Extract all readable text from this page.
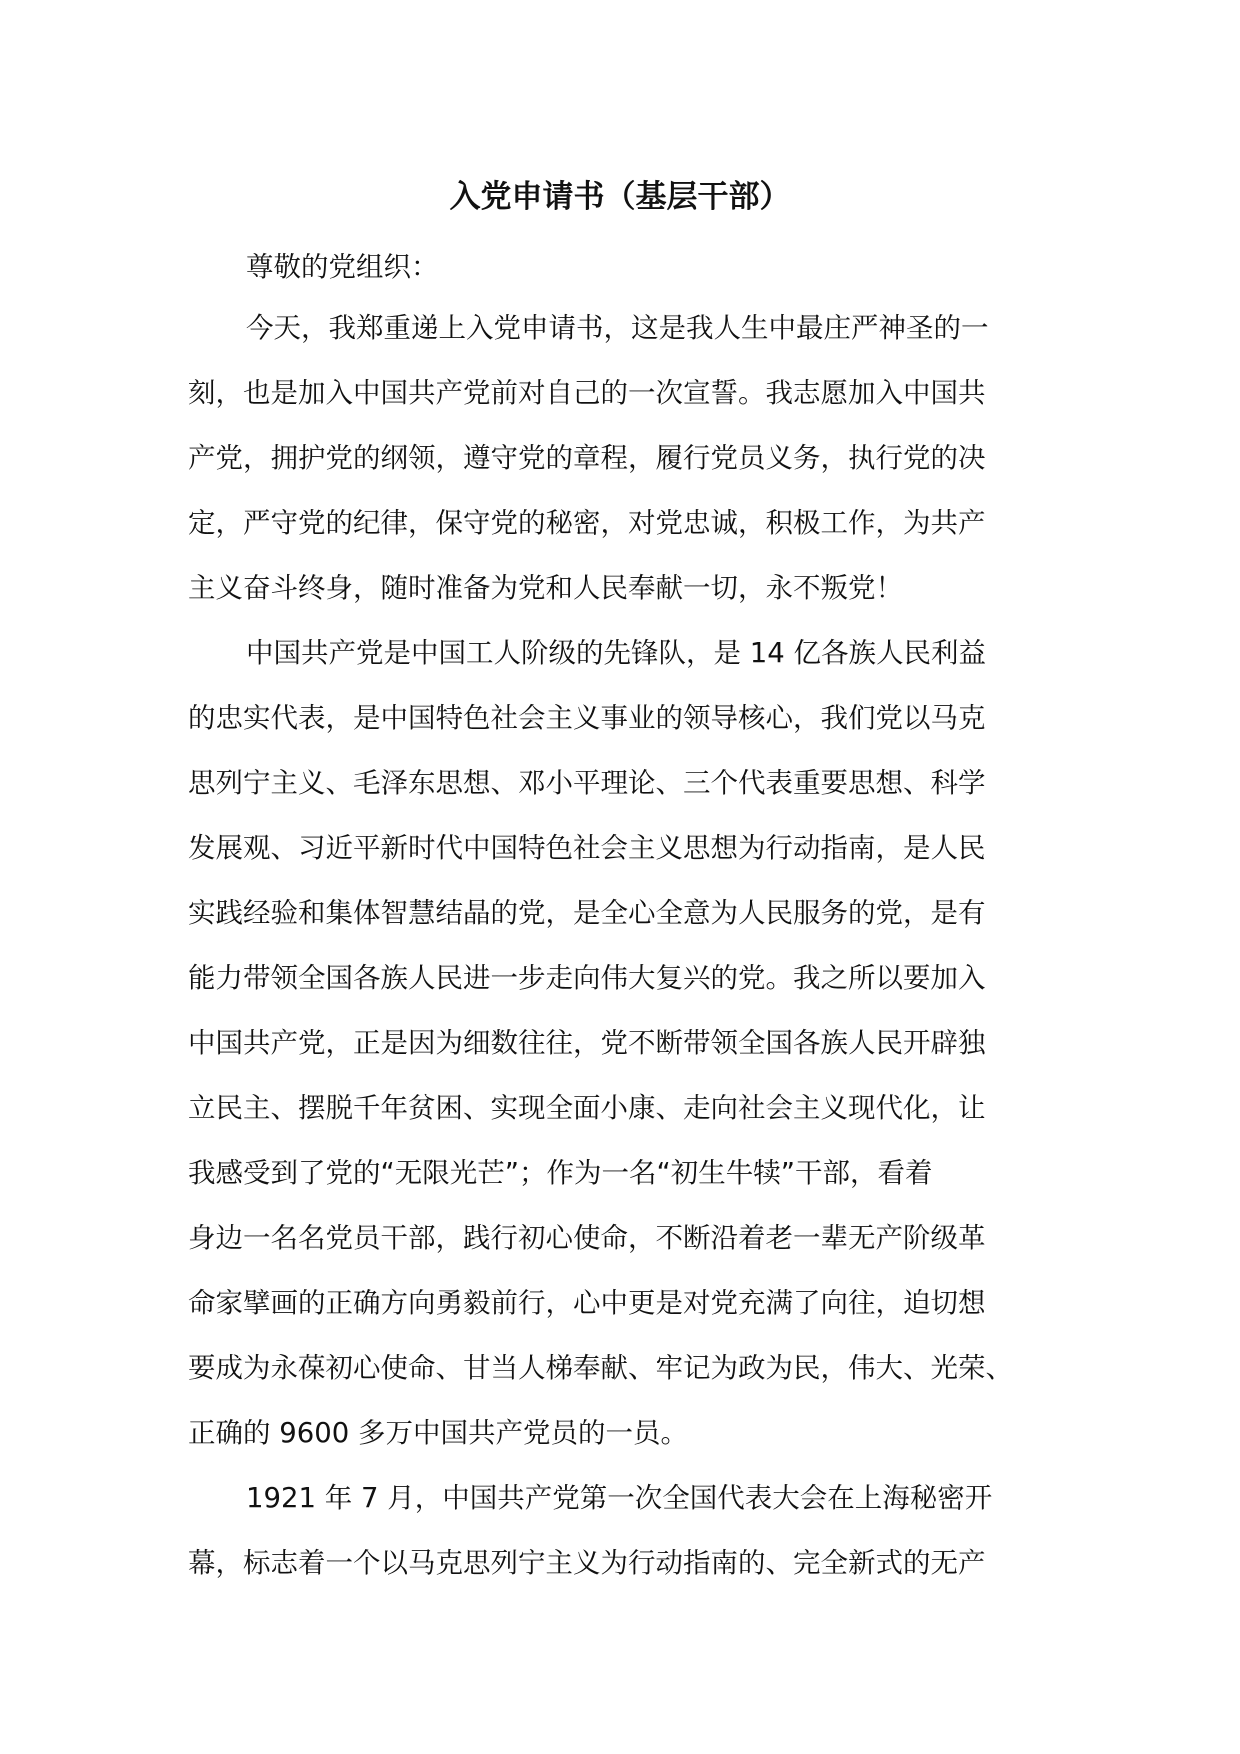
入党申请书（基层干部）
尊敬的党组织：
今天，我郑重递上入党申请书，这是我人生中最庄严神圣的一
刻，也是加入中国共产党前对自己的一次宣誓。我志愿加入中国共
产党，拥护党的纲领，遵守党的章程，履行党员义务，执行党的决
定，严守党的纪律，保守党的秘密，对党忠诚，积极工作，为共产
主义奋斗终身，随时准备为党和人民奉献一切，永不叛党！
中国共产党是中国工人阶级的先锋队，是 14 亿各族人民利益
的忠实代表，是中国特色社会主义事业的领导核心，我们党以马克
思列宁主义、毛泽东思想、邓小平理论、三个代表重要思想、科学
发展观、习近平新时代中国特色社会主义思想为行动指南，是人民
实践经验和集体智慧结晶的党，是全心全意为人民服务的党，是有
能力带领全国各族人民进一步走向伟大复兴的党。我之所以要加入
中国共产党，正是因为细数往往，党不断带领全国各族人民开辟独
立民主、摆脱千年贫困、实现全面小康、走向社会主义现代化，让
我感受到了党的“无限光芒”；作为一名“初生牛犊”干部，看着
身边一名名党员干部，践行初心使命，不断沿着老一辈无产阶级革
命家擘画的正确方向勇毅前行，心中更是对党充满了向往，迫切想
要成为永葆初心使命、甘当人梯奉献、牢记为政为民，伟大、光荣、
正确的 9600 多万中国共产党员的一员。
1921 年 7 月，中国共产党第一次全国代表大会在上海秘密开
幕，标志着一个以马克思列宁主义为行动指南的、完全新式的无产
